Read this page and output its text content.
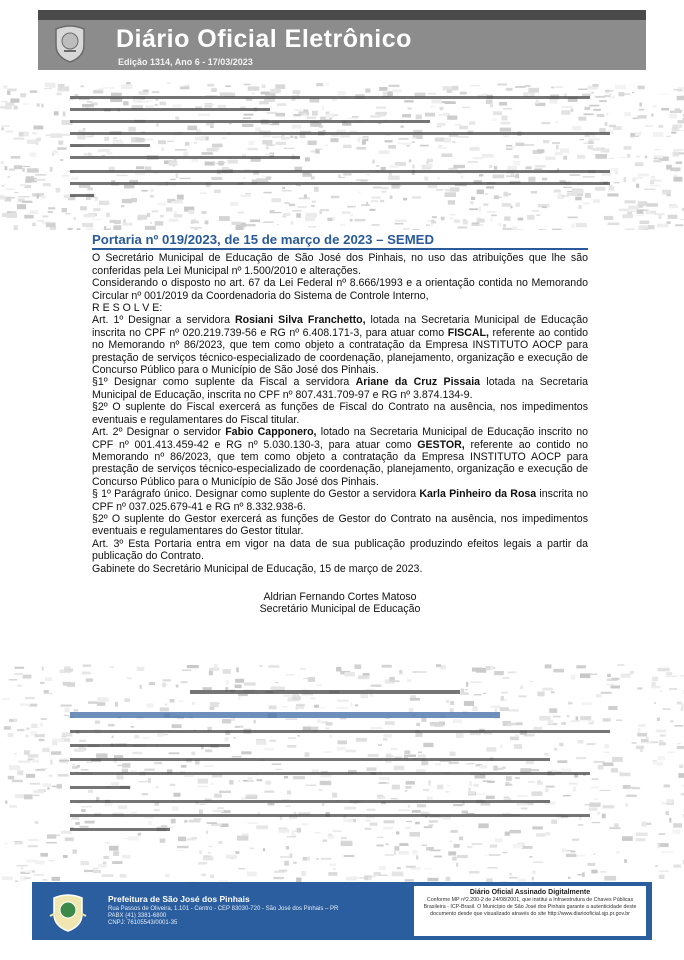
Diário Oficial Eletrônico
Edição 1314, Ano 6 - 17/03/2023
Portaria nº 019/2023, de 15 de março de 2023 – SEMED

O Secretário Municipal de Educação de São José dos Pinhais, no uso das atribuições que lhe são conferidas pela Lei Municipal nº 1.500/2010 e alterações.

Considerando o disposto no art. 67 da Lei Federal nº 8.666/1993 e a orientação contida no Memorando Circular nº 001/2019 da Coordenadoria do Sistema de Controle Interno,

R E S O L V E:

Art. 1º Designar a servidora Rosiani Silva Franchetto, lotada na Secretaria Municipal de Educação inscrita no CPF nº 020.219.739-56 e RG nº 6.408.171-3, para atuar como FISCAL, referente ao contido no Memorando nº 86/2023, que tem como objeto a contratação da Empresa INSTITUTO AOCP para prestação de serviços técnico-especializado de coordenação, planejamento, organização e execução de Concurso Público para o Município de São José dos Pinhais.

§1º Designar como suplente da Fiscal a servidora Ariane da Cruz Pissaia lotada na Secretaria Municipal de Educação, inscrita no CPF nº 807.431.709-97 e RG nº 3.874.134-9.

§2º O suplente do Fiscal exercerá as funções de Fiscal do Contrato na ausência, nos impedimentos eventuais e regulamentares do Fiscal titular.

Art. 2º Designar o servidor Fabio Capponero, lotado na Secretaria Municipal de Educação inscrito no CPF nº 001.413.459-42 e RG nº 5.030.130-3, para atuar como GESTOR, referente ao contido no Memorando nº 86/2023, que tem como objeto a contratação da Empresa INSTITUTO AOCP para prestação de serviços técnico-especializado de coordenação, planejamento, organização e execução de Concurso Público para o Município de São José dos Pinhais.

§ 1º Parágrafo único. Designar como suplente do Gestor a servidora Karla Pinheiro da Rosa inscrita no CPF nº 037.025.679-41 e RG nº 8.332.938-6.

§2º O suplente do Gestor exercerá as funções de Gestor do Contrato na ausência, nos impedimentos eventuais e regulamentares do Gestor titular.

Art. 3º Esta Portaria entra em vigor na data de sua publicação produzindo efeitos legais a partir da publicação do Contrato.

Gabinete do Secretário Municipal de Educação, 15 de março de 2023.

Aldrian Fernando Cortes Matoso
Secretário Municipal de Educação
Prefeitura de São José dos Pinhais
Rua Passos de Oliveira, 1.101 - Centro - CEP 83030-720 - São José dos Pinhais – PR
PABX (41) 3381-6800
CNPJ: 76105543/0001-35
Diário Oficial Assinado Digitalmente
Conforme MP nº2.200-2 de 24/08/2001, que institui a Infraestrutura de Chaves Públicas Brasileira - ICP-Brasil. O Município de São José dos Pinhais garante a autenticidade deste documento desde que visualizado através do site http://www.diariooficial.sjp.pr.gov.br
